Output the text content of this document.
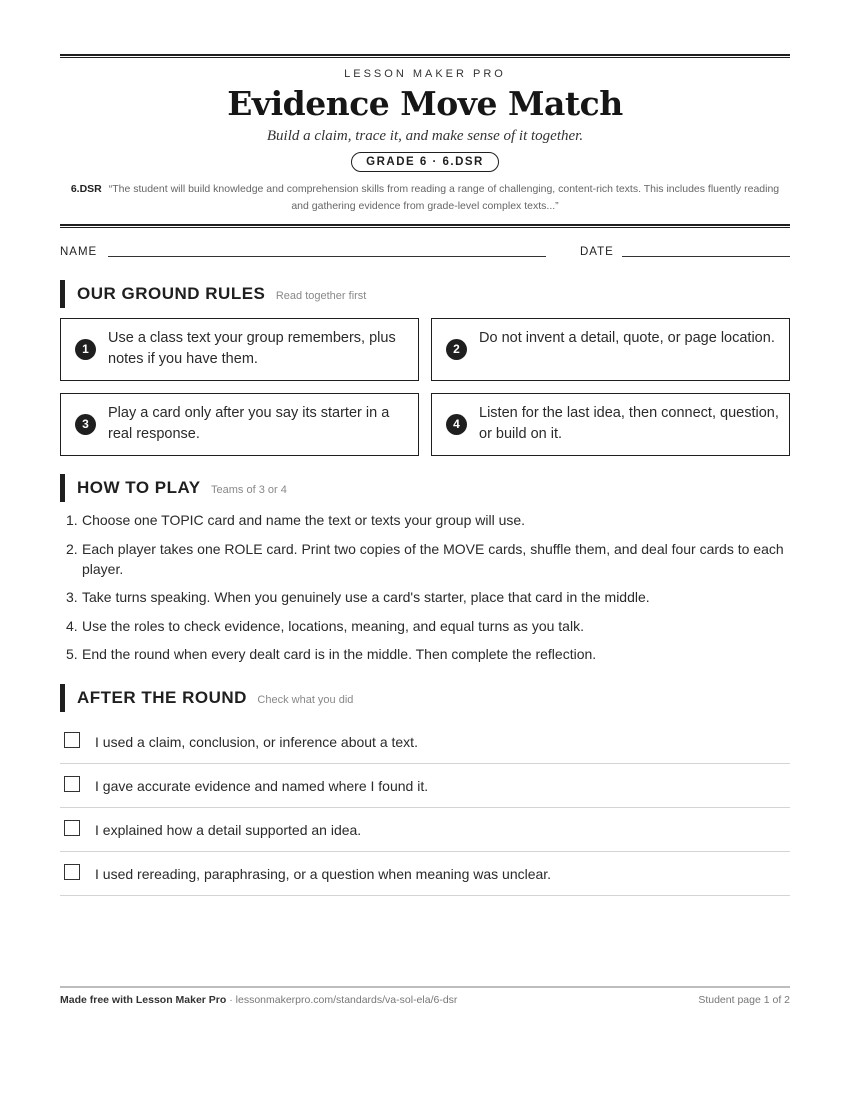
LESSON MAKER PRO
Evidence Move Match
Build a claim, trace it, and make sense of it together.
GRADE 6 · 6.DSR
6.DSR “The student will build knowledge and comprehension skills from reading a range of challenging, content-rich texts. This includes fluently reading and gathering evidence from grade-level complex texts...”
NAME	DATE
OUR GROUND RULES Read together first
1
Use a class text your group remembers, plus notes if you have them.
2
Do not invent a detail, quote, or page location.
3
Play a card only after you say its starter in a real response.
4
Listen for the last idea, then connect, question, or build on it.
HOW TO PLAY Teams of 3 or 4
1. Choose one TOPIC card and name the text or texts your group will use.
2. Each player takes one ROLE card. Print two copies of the MOVE cards, shuffle them, and deal four cards to each player.
3. Take turns speaking. When you genuinely use a card's starter, place that card in the middle.
4. Use the roles to check evidence, locations, meaning, and equal turns as you talk.
5. End the round when every dealt card is in the middle. Then complete the reflection.
AFTER THE ROUND Check what you did
I used a claim, conclusion, or inference about a text.
I gave accurate evidence and named where I found it.
I explained how a detail supported an idea.
I used rereading, paraphrasing, or a question when meaning was unclear.
Made free with Lesson Maker Pro · lessonmakerpro.com/standards/va-sol-ela/6-dsr	Student page 1 of 2
